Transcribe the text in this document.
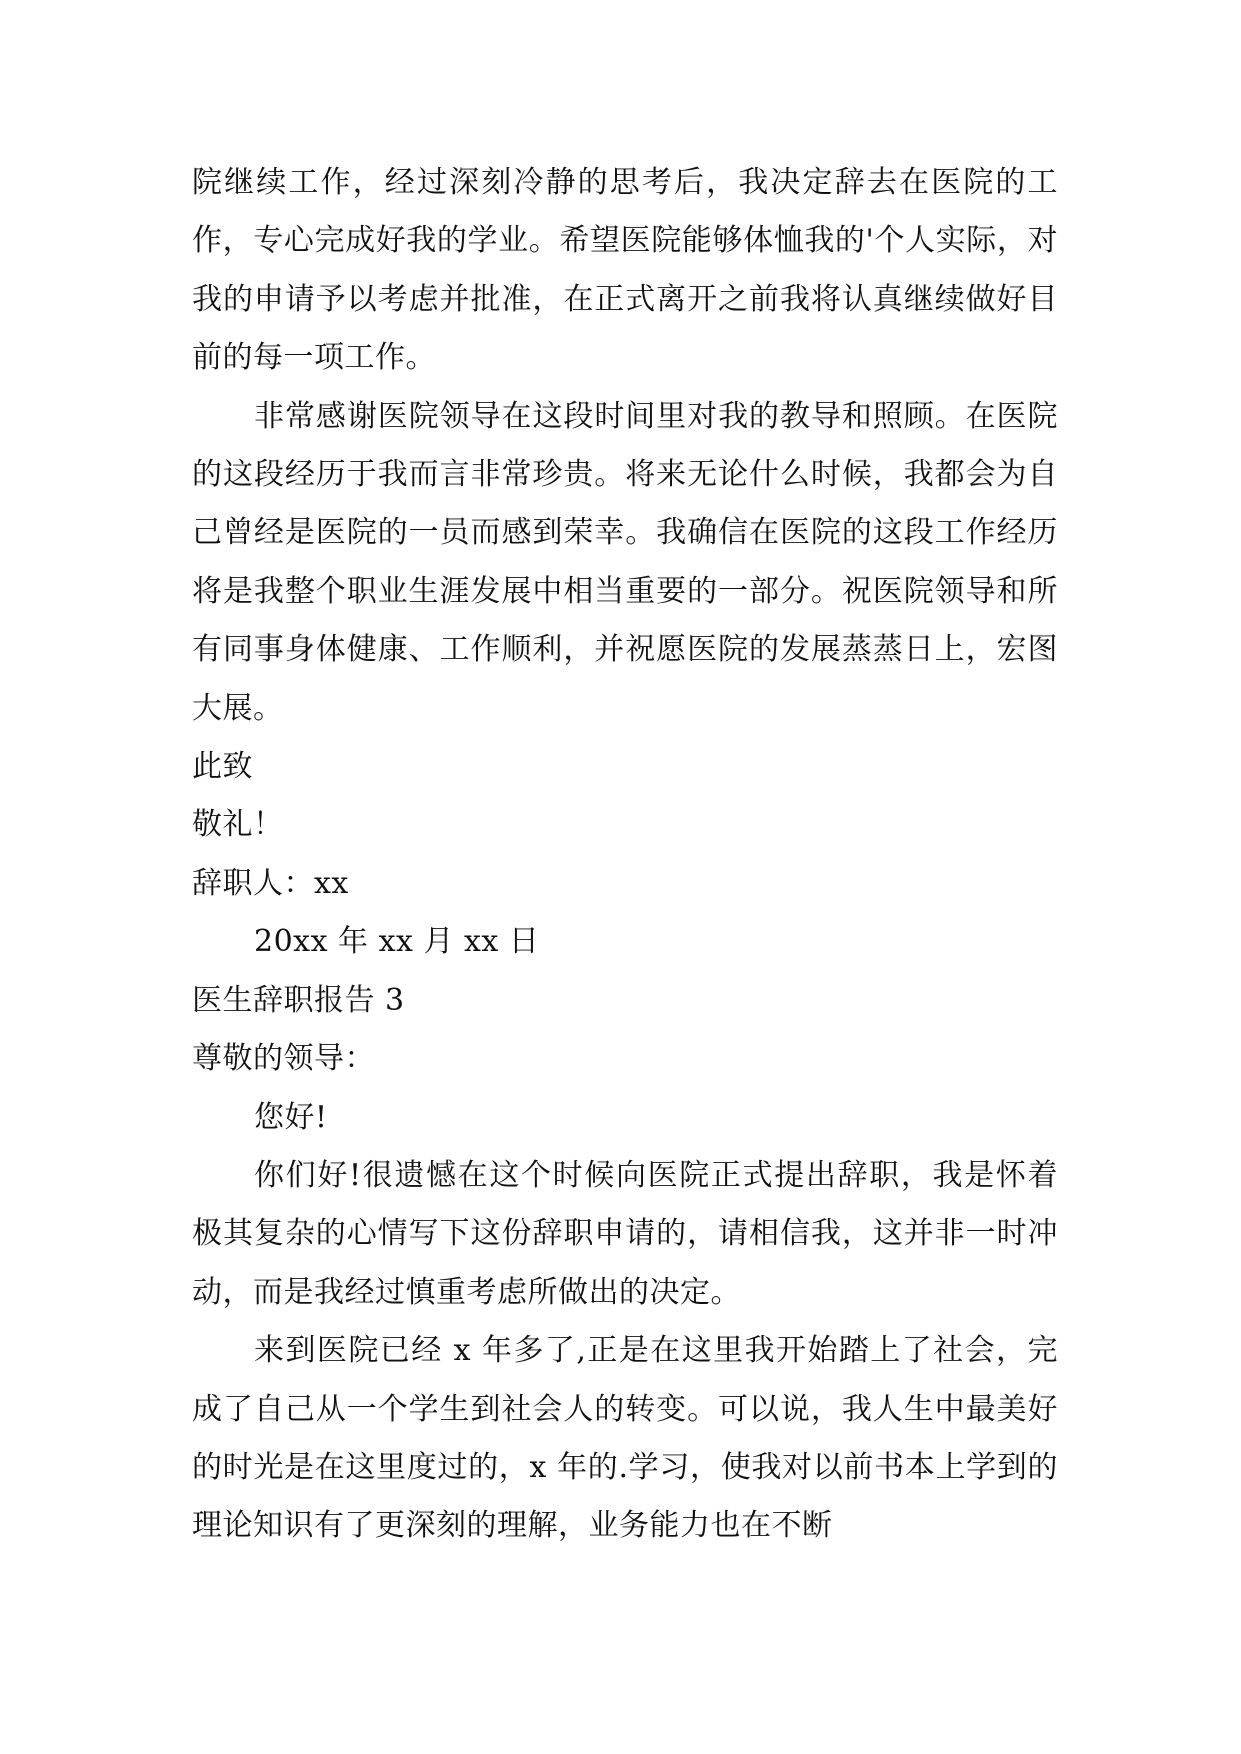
院继续工作，经过深刻冷静的思考后，我决定辞去在医院的工作，专心完成好我的学业。希望医院能够体恤我的'个人实际，对我的申请予以考虑并批准，在正式离开之前我将认真继续做好目前的每一项工作。

非常感谢医院领导在这段时间里对我的教导和照顾。在医院的这段经历于我而言非常珍贵。将来无论什么时候，我都会为自己曾经是医院的一员而感到荣幸。我确信在医院的这段工作经历将是我整个职业生涯发展中相当重要的一部分。祝医院领导和所有同事身体健康、工作顺利，并祝愿医院的发展蒸蒸日上，宏图大展。

此致

敬礼！

辞职人：xx

20xx 年 xx 月 xx 日

医生辞职报告 3

尊敬的领导：

您好!

你们好!很遗憾在这个时候向医院正式提出辞职，我是怀着极其复杂的心情写下这份辞职申请的，请相信我，这并非一时冲动，而是我经过慎重考虑所做出的决定。

来到医院已经 x 年多了,正是在这里我开始踏上了社会，完成了自己从一个学生到社会人的转变。可以说，我人生中最美好的时光是在这里度过的，x 年的.学习，使我对以前书本上学到的理论知识有了更深刻的理解，业务能力也在不断
